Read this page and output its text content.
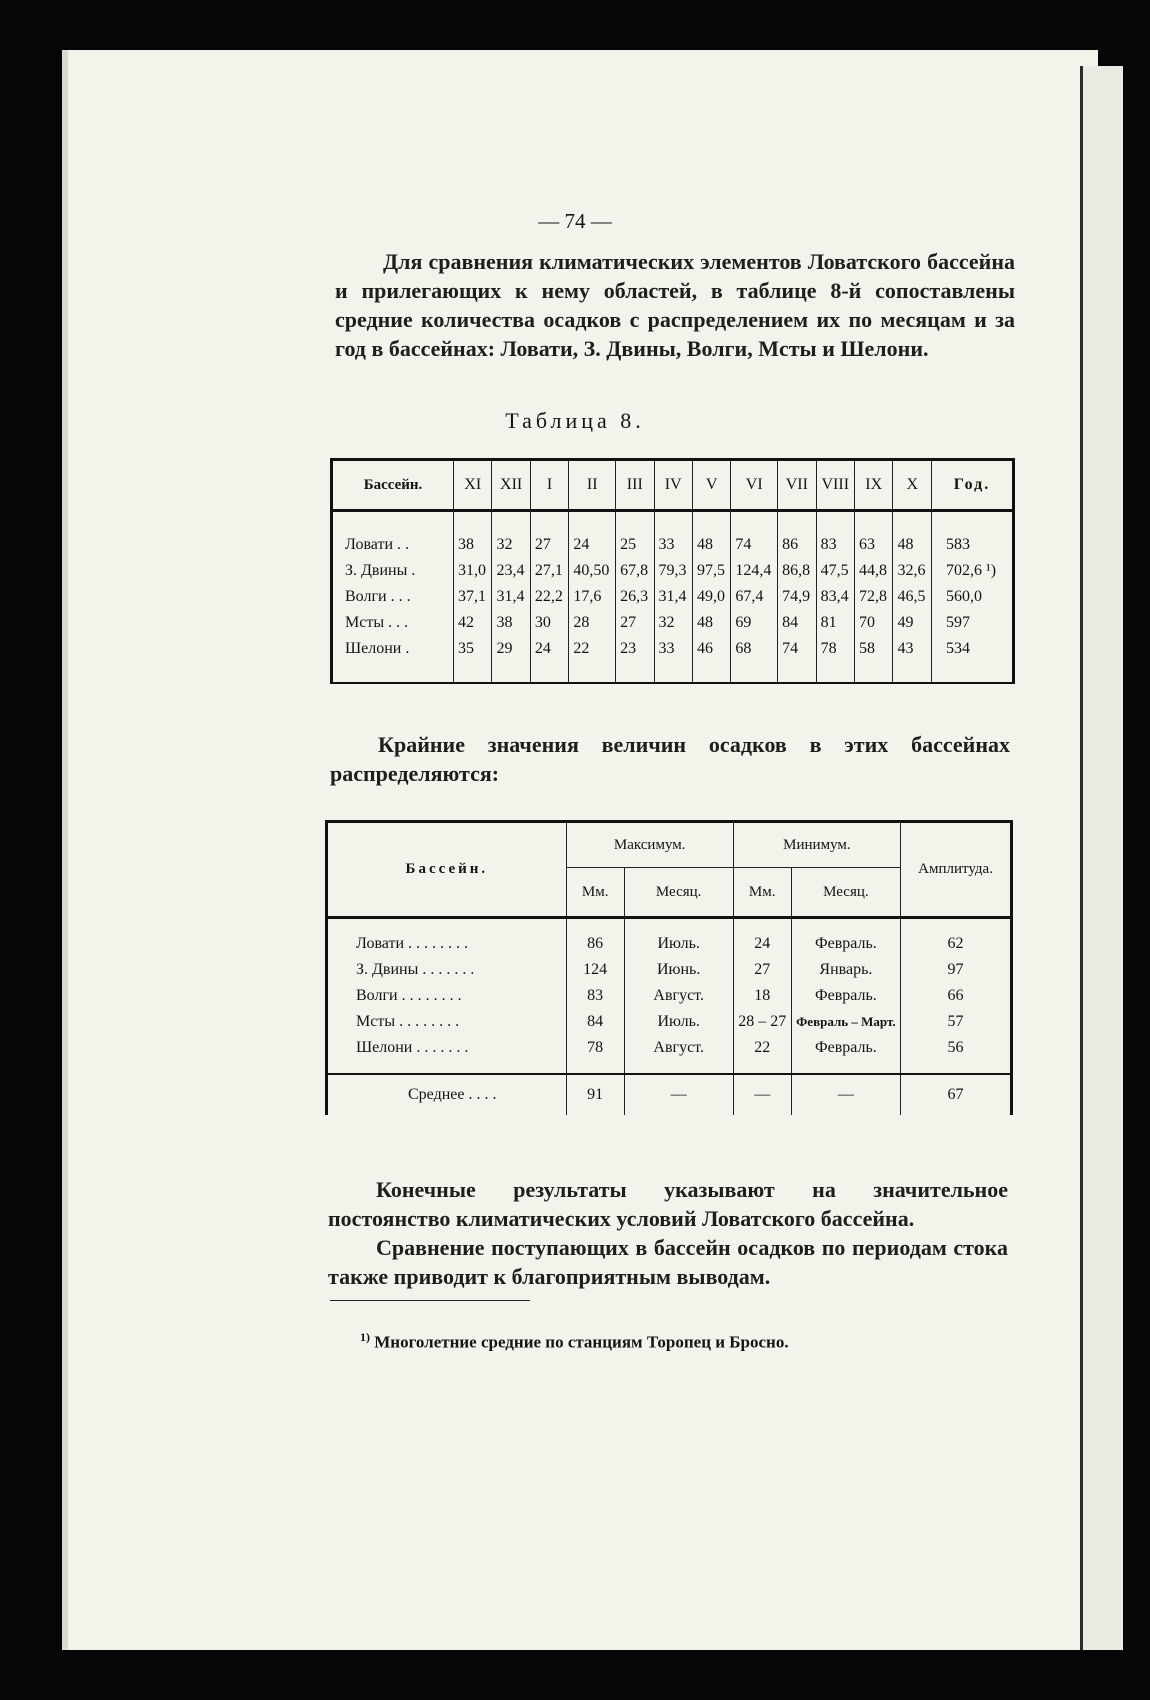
— 74 —

Для сравнения климатических элементов Ловатского бассейна и прилегающих к нему областей, в таблице 8-й сопоставлены средние количества осадков с распределением их по месяцам и за год в бассейнах: Ловати, З. Двины, Волги, Мсты и Шелони.

Таблица 8.
Бассейн.	XI	XII	I	II	III	IV	V	VI	VII	VIII	IX	X	Год.

Ловати . .	38	32	27	24	25	33	48	74	86	83	63	48	583
З. Двины .	31,0	23,4	27,1	40,50	67,8	79,3	97,5	124,4	86,8	47,5	44,8	32,6	702,6 ¹)
Волги . . .	37,1	31,4	22,2	17,6	26,3	31,4	49,0	67,4	74,9	83,4	72,8	46,5	560,0
Мсты . . .	42	38	30	28	27	32	48	69	84	81	70	49	597
Шелони .	35	29	24	22	23	33	46	68	74	78	58	43	534

Крайние значения величин осадков в этих бассейнах распределяются:

Бассейн.	Максимум.		Минимум.		Амплитуда.
	Мм.	Месяц.	Мм.	Месяц.	

Ловати . . . . . . . .	86	Июль.	24	Февраль.	62
З. Двины . . . . . . .	124	Июнь.	27	Январь.	97
Волги . . . . . . . .	83	Август.	18	Февраль.	66
Мсты . . . . . . . .	84	Июль.	28 – 27	Февраль – Март.	57
Шелони . . . . . . .	78	Август.	22	Февраль.	56

Среднее . . . .	91	—	—	—	67

Конечные результаты указывают на значительное постоянство климатических условий Ловатского бассейна.

Сравнение поступающих в бассейн осадков по периодам стока также приводит к благоприятным выводам.

$^{1)}$ Многолетние средние по станциям Торопец и Бросно.
